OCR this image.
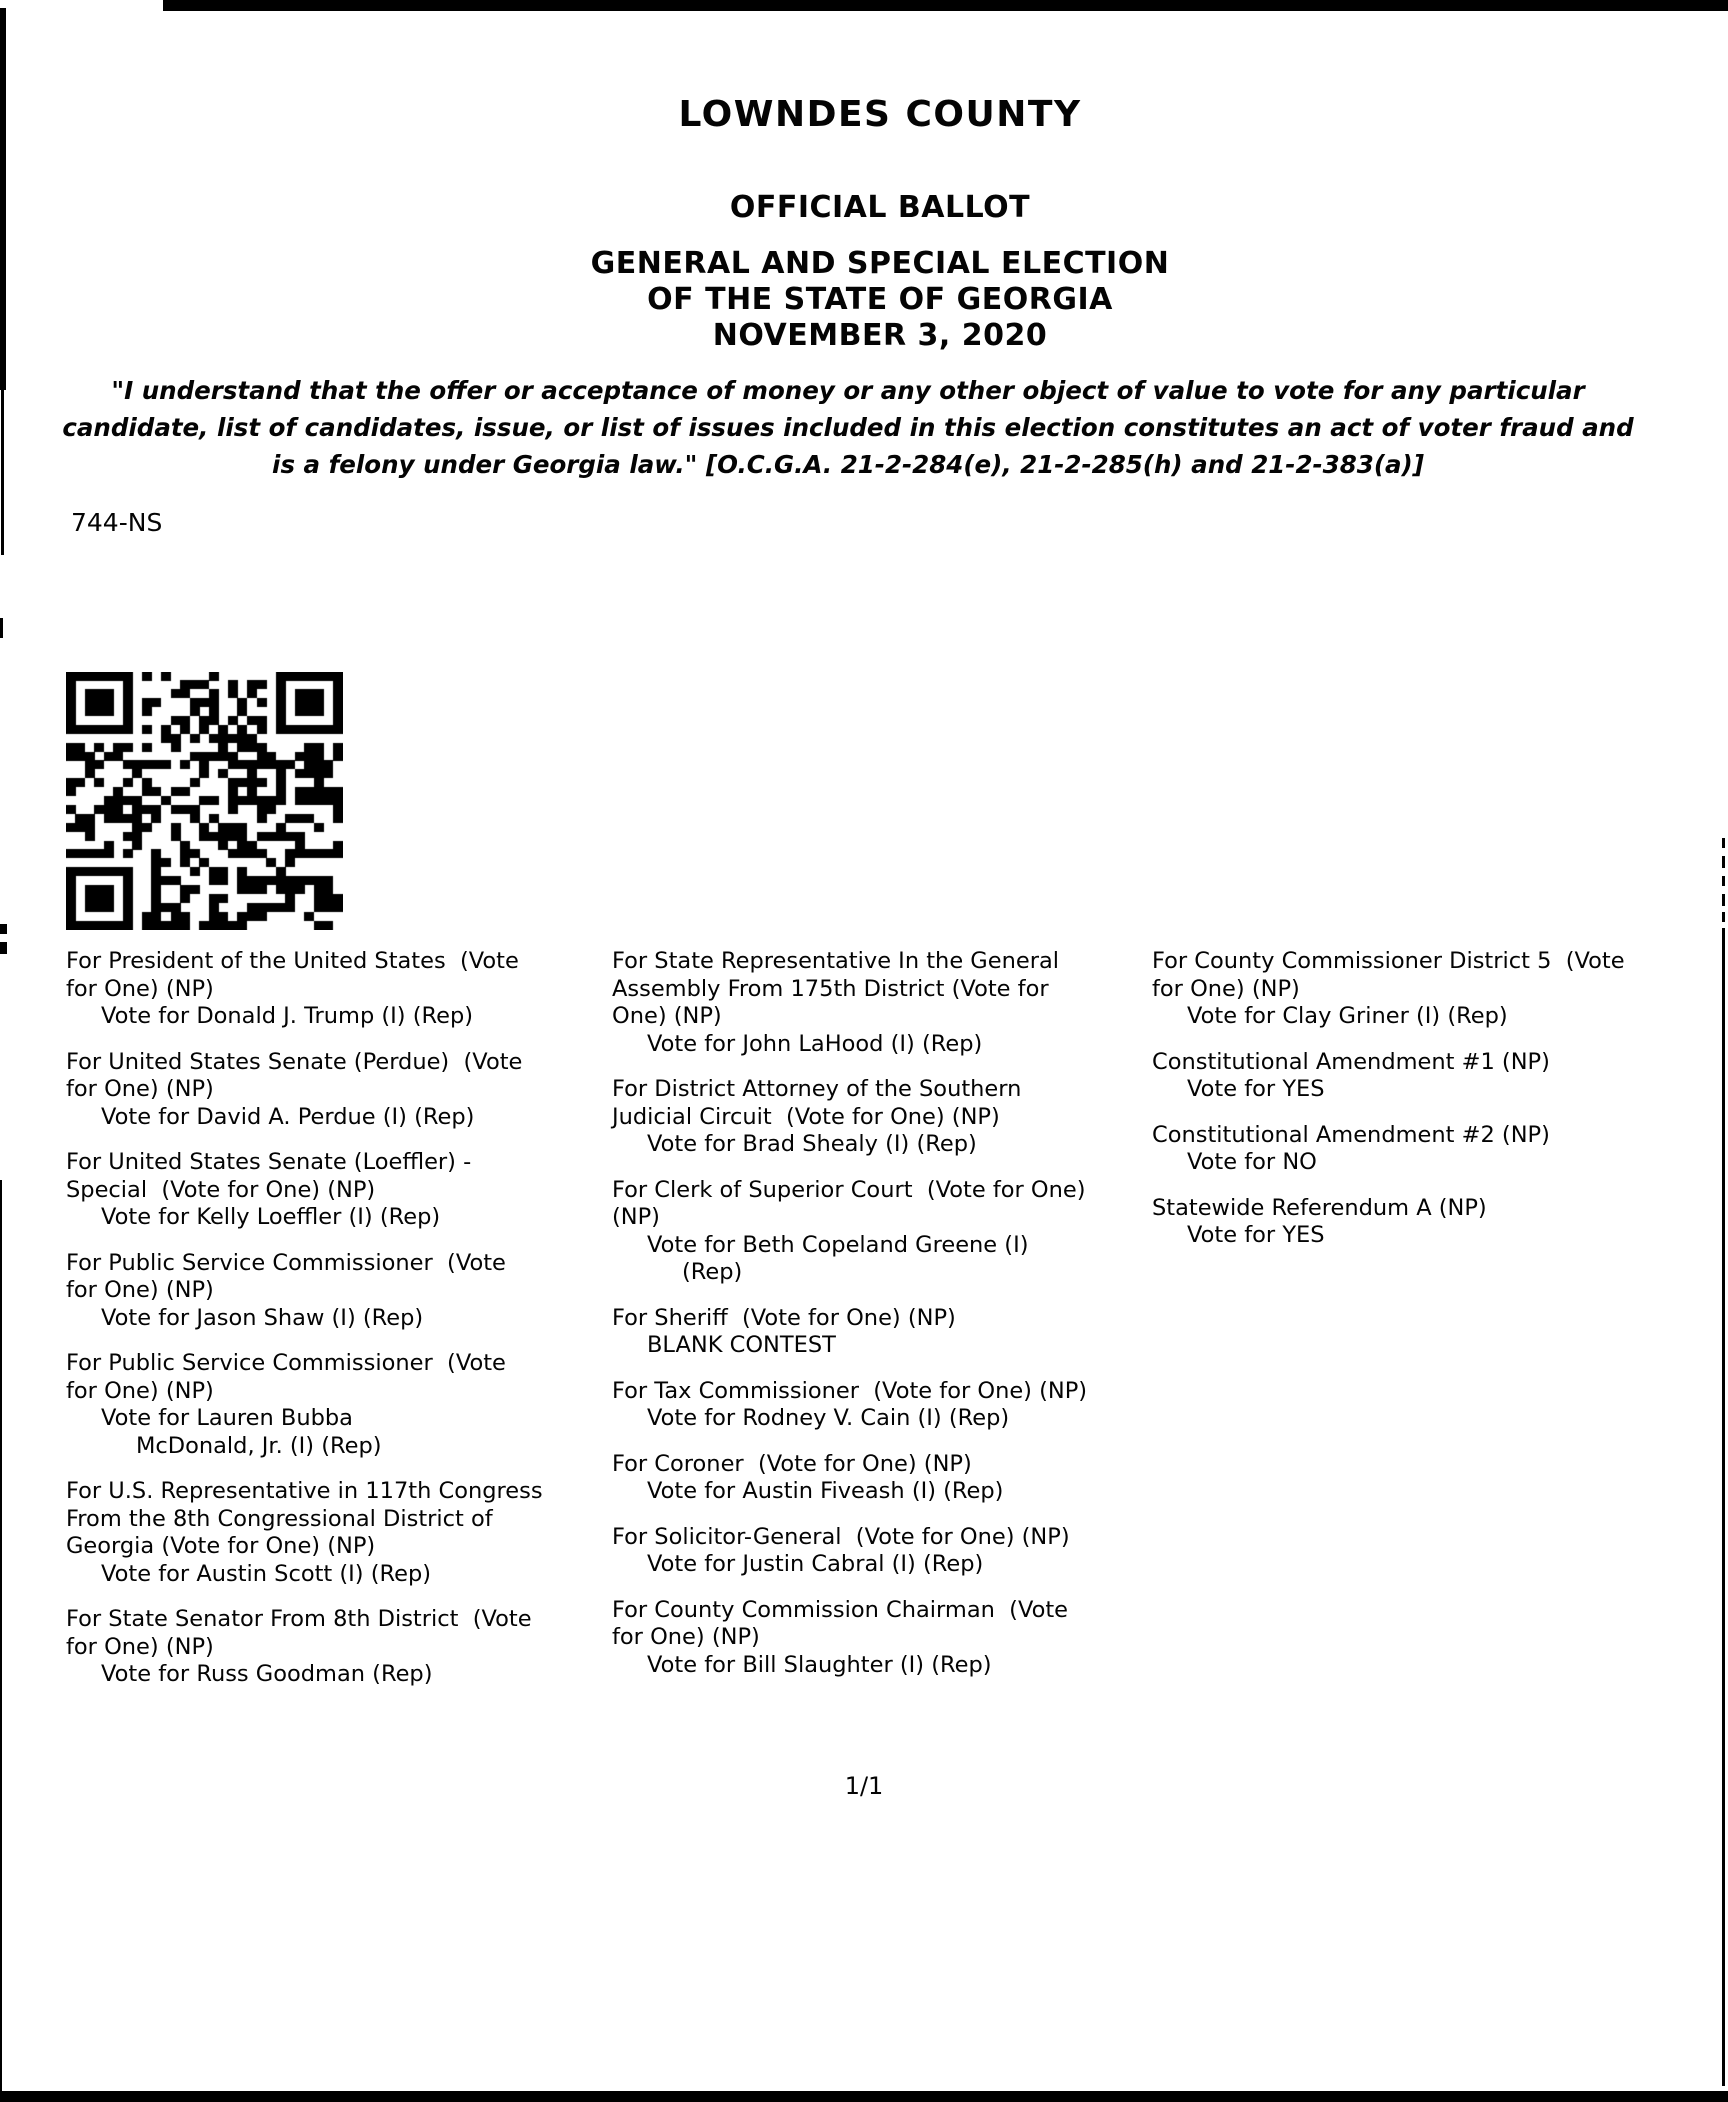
LOWNDES COUNTY
OFFICIAL BALLOT
GENERAL AND SPECIAL ELECTION
OF THE STATE OF GEORGIA
NOVEMBER 3, 2020

"I understand that the offer or acceptance of money or any other object of value to vote for any particular candidate, list of candidates, issue, or list of issues included in this election constitutes an act of voter fraud and is a felony under Georgia law." [O.C.G.A. 21-2-284(e), 21-2-285(h) and 21-2-383(a)]

744-NS
For President of the United States  (Vote
for One) (NP)
Vote for Donald J. Trump (I) (Rep)
For United States Senate (Perdue)  (Vote
for One) (NP)
Vote for David A. Perdue (I) (Rep)
For United States Senate (Loeffler) -
Special  (Vote for One) (NP)
Vote for Kelly Loeffler (I) (Rep)
For Public Service Commissioner  (Vote
for One) (NP)
Vote for Jason Shaw (I) (Rep)
For Public Service Commissioner  (Vote
for One) (NP)
Vote for Lauren Bubba
McDonald, Jr. (I) (Rep)
For U.S. Representative in 117th Congress
From the 8th Congressional District of
Georgia (Vote for One) (NP)
Vote for Austin Scott (I) (Rep)
For State Senator From 8th District  (Vote
for One) (NP)
Vote for Russ Goodman (Rep)
For State Representative In the General
Assembly From 175th District (Vote for
One) (NP)
Vote for John LaHood (I) (Rep)
For District Attorney of the Southern
Judicial Circuit  (Vote for One) (NP)
Vote for Brad Shealy (I) (Rep)
For Clerk of Superior Court  (Vote for One)
(NP)
Vote for Beth Copeland Greene (I)
(Rep)
For Sheriff  (Vote for One) (NP)
BLANK CONTEST
For Tax Commissioner  (Vote for One) (NP)
Vote for Rodney V. Cain (I) (Rep)
For Coroner  (Vote for One) (NP)
Vote for Austin Fiveash (I) (Rep)
For Solicitor-General  (Vote for One) (NP)
Vote for Justin Cabral (I) (Rep)
For County Commission Chairman  (Vote
for One) (NP)
Vote for Bill Slaughter (I) (Rep)
For County Commissioner District 5  (Vote
for One) (NP)
Vote for Clay Griner (I) (Rep)
Constitutional Amendment #1 (NP)
Vote for YES
Constitutional Amendment #2 (NP)
Vote for NO
Statewide Referendum A (NP)
Vote for YES
1/1
